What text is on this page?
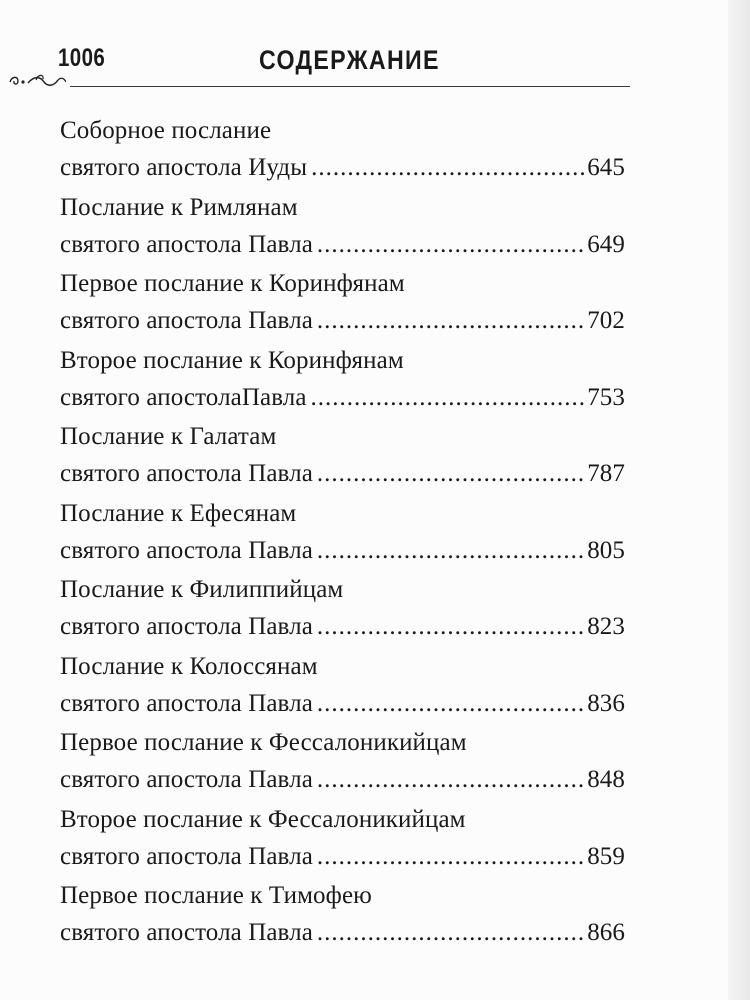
1006	СОДЕРЖАНИЕ
Соборное послание
святого апостола Иуды .....	645
Послание к Римлянам
святого апостола Павла .....	649
Первое послание к Коринфянам
святого апостола Павла .....	702
Второе послание к Коринфянам
святого апостолаПавла .....	753
Послание к Галатам
святого апостола Павла .....	787
Послание к Ефесянам
святого апостола Павла .....	805
Послание к Филиппийцам
святого апостола Павла .....	823
Послание к Колоссянам
святого апостола Павла .....	836
Первое послание к Фессалоникийцам
святого апостола Павла .....	848
Второе послание к Фессалоникийцам
святого апостола Павла .....	859
Первое послание к Тимофею
святого апостола Павла .....	866
